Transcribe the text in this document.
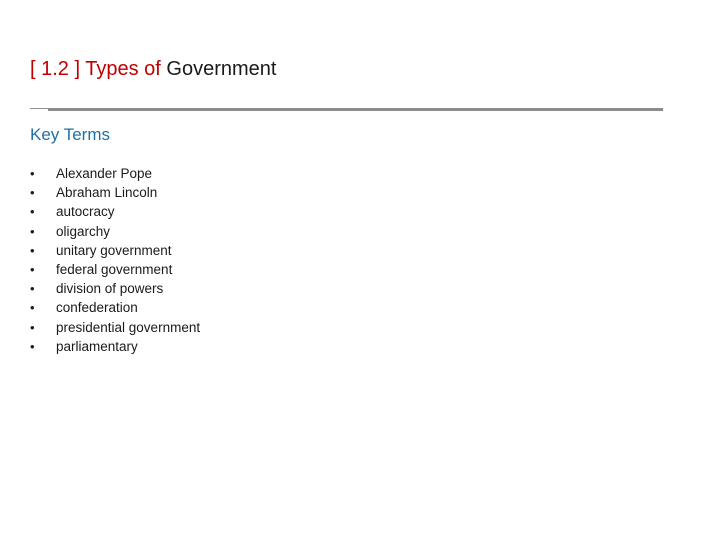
[ 1.2 ] Types of Government
Key Terms
•	Alexander Pope
•	Abraham Lincoln
•	autocracy
•	oligarchy
•	unitary government
•	federal government
•	division of powers
•	confederation
•	presidential government
•	parliamentary
